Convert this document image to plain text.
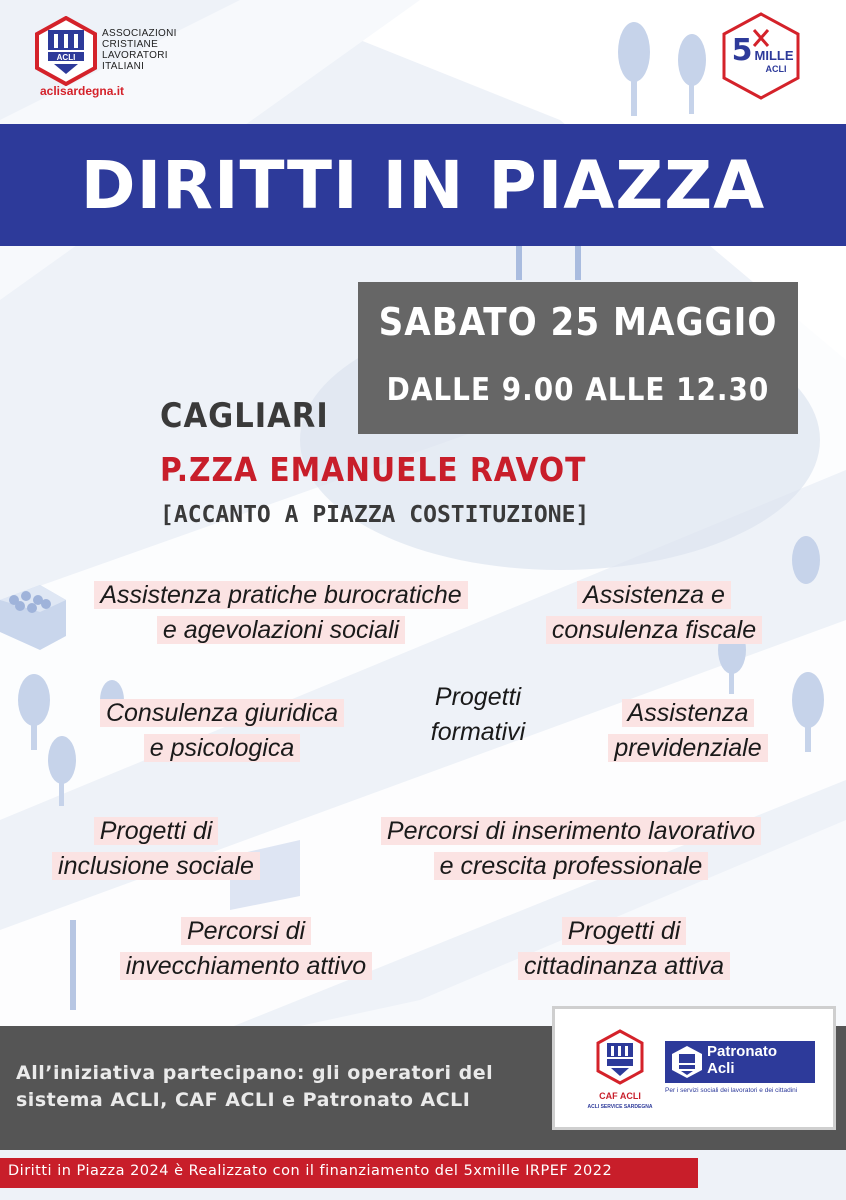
ACLI
ASSOCIAZIONI
CRISTIANE
LAVORATORI
ITALIANI
aclisardegna.it
5 MILLE
ACLI
DIRITTI IN PIAZZA
SABATO 25 MAGGIO
DALLE 9.00 ALLE 12.30
CAGLIARI
P.ZZA EMANUELE RAVOT
[ACCANTO A PIAZZA COSTITUZIONE]
Assistenza pratiche burocratiche
e agevolazioni sociali
Assistenza e
consulenza fiscale
Consulenza giuridica
e psicologica
Progetti
formativi
Assistenza
previdenziale
Progetti di
inclusione sociale
Percorsi di inserimento lavorativo
e crescita professionale
Percorsi di
invecchiamento attivo
Progetti di
cittadinanza attiva
All’iniziativa partecipano: gli operatori del sistema ACLI, CAF ACLI e Patronato ACLI	CAF ACLI
ACLI SERVICE SARDEGNA
Patronato
Acli
Per i servizi sociali dei lavoratori e dei cittadini
Diritti in Piazza 2024 è Realizzato con il finanziamento del 5xmille IRPEF 2022
